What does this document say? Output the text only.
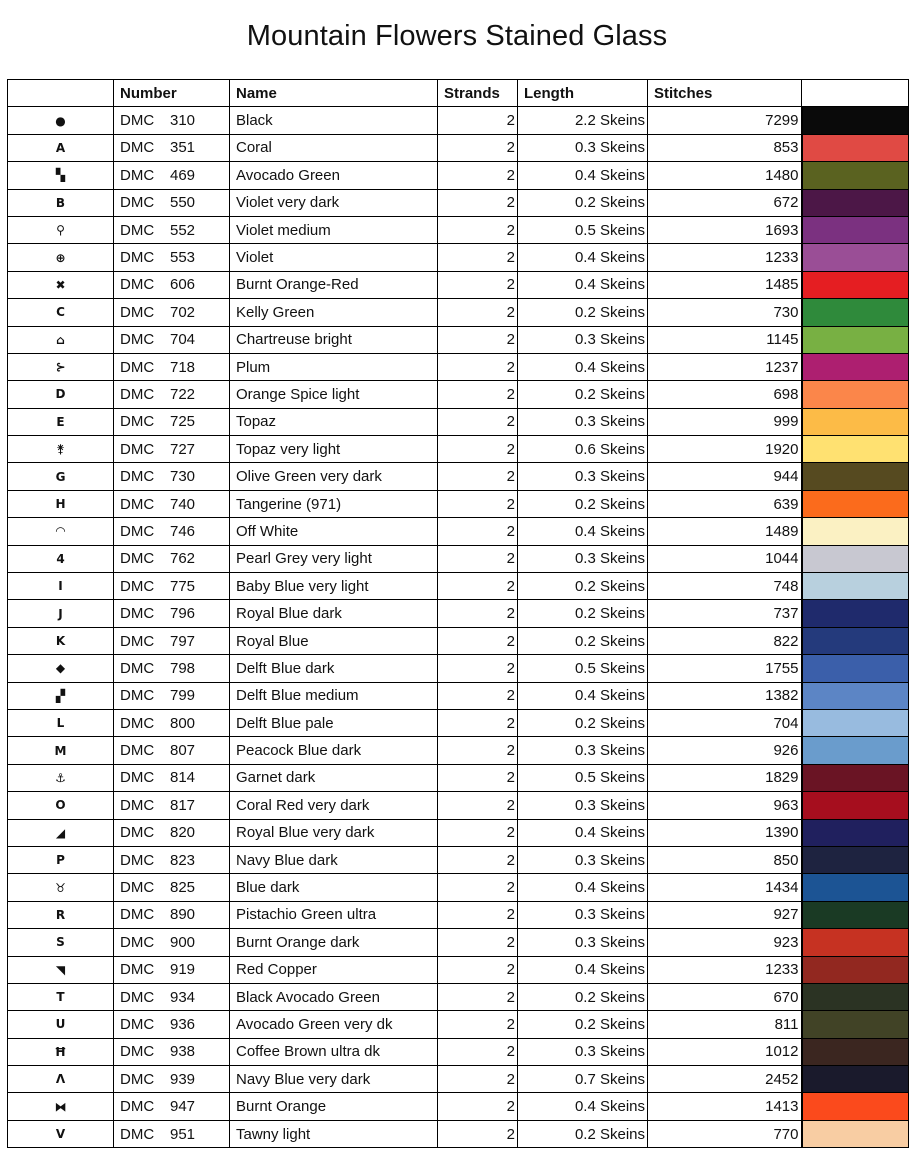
Mountain Flowers Stained Glass
	Number	Name	Strands	Length	Stitches	
●	DMC 310	Black	2	2.2 Skeins	7299	

A	DMC 351	Coral	2	0.3 Skeins	853	

▚	DMC 469	Avocado Green	2	0.4 Skeins	1480	

B	DMC 550	Violet very dark	2	0.2 Skeins	672	

⚲	DMC 552	Violet medium	2	0.5 Skeins	1693	

⊕	DMC 553	Violet	2	0.4 Skeins	1233	

✖	DMC 606	Burnt Orange-Red	2	0.4 Skeins	1485	

C	DMC 702	Kelly Green	2	0.2 Skeins	730	

⌂	DMC 704	Chartreuse bright	2	0.3 Skeins	1145	

⊱	DMC 718	Plum	2	0.4 Skeins	1237	

D	DMC 722	Orange Spice light	2	0.2 Skeins	698	

E	DMC 725	Topaz	2	0.3 Skeins	999	

⚵	DMC 727	Topaz very light	2	0.6 Skeins	1920	

G	DMC 730	Olive Green very dark	2	0.3 Skeins	944	

H	DMC 740	Tangerine (971)	2	0.2 Skeins	639	

◠	DMC 746	Off White	2	0.4 Skeins	1489	

4	DMC 762	Pearl Grey very light	2	0.3 Skeins	1044	

I	DMC 775	Baby Blue very light	2	0.2 Skeins	748	

J	DMC 796	Royal Blue dark	2	0.2 Skeins	737	

K	DMC 797	Royal Blue	2	0.2 Skeins	822	

◆	DMC 798	Delft Blue dark	2	0.5 Skeins	1755	

▞	DMC 799	Delft Blue medium	2	0.4 Skeins	1382	

L	DMC 800	Delft Blue pale	2	0.2 Skeins	704	

M	DMC 807	Peacock Blue dark	2	0.3 Skeins	926	

⚓	DMC 814	Garnet dark	2	0.5 Skeins	1829	

O	DMC 817	Coral Red very dark	2	0.3 Skeins	963	

◢	DMC 820	Royal Blue very dark	2	0.4 Skeins	1390	

P	DMC 823	Navy Blue dark	2	0.3 Skeins	850	

♉	DMC 825	Blue dark	2	0.4 Skeins	1434	

R	DMC 890	Pistachio Green ultra	2	0.3 Skeins	927	

S	DMC 900	Burnt Orange dark	2	0.3 Skeins	923	

◥	DMC 919	Red Copper	2	0.4 Skeins	1233	

T	DMC 934	Black Avocado Green	2	0.2 Skeins	670	

U	DMC 936	Avocado Green very dk	2	0.2 Skeins	811	

Ħ	DMC 938	Coffee Brown ultra dk	2	0.3 Skeins	1012	

Λ	DMC 939	Navy Blue very dark	2	0.7 Skeins	2452	

⧓	DMC 947	Burnt Orange	2	0.4 Skeins	1413	

V	DMC 951	Tawny light	2	0.2 Skeins	770	
